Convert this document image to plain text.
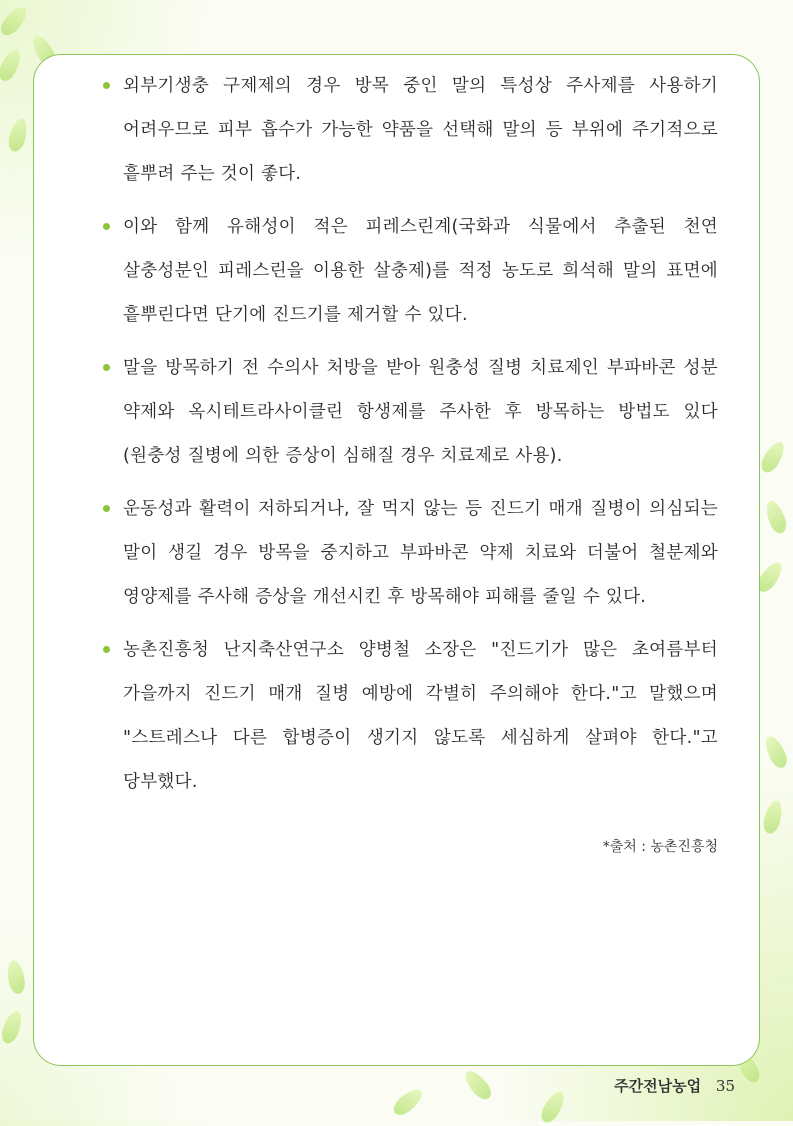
외부기생충 구제제의 경우 방목 중인 말의 특성상 주사제를 사용하기 어려우므로 피부 흡수가 가능한 약품을 선택해 말의 등 부위에 주기적으로 흩뿌려 주는 것이 좋다.
이와 함께 유해성이 적은 피레스린계(국화과 식물에서 추출된 천연 살충성분인 피레스린을 이용한 살충제)를 적정 농도로 희석해 말의 표면에 흩뿌린다면 단기에 진드기를 제거할 수 있다.
말을 방목하기 전 수의사 처방을 받아 원충성 질병 치료제인 부파바콘 성분 약제와 옥시테트라사이클린 항생제를 주사한 후 방목하는 방법도 있다(원충성 질병에 의한 증상이 심해질 경우 치료제로 사용).
운동성과 활력이 저하되거나, 잘 먹지 않는 등 진드기 매개 질병이 의심되는 말이 생길 경우 방목을 중지하고 부파바콘 약제 치료와 더불어 철분제와 영양제를 주사해 증상을 개선시킨 후 방목해야 피해를 줄일 수 있다.
농촌진흥청 난지축산연구소 양병철 소장은 "진드기가 많은 초여름부터 가을까지 진드기 매개 질병 예방에 각별히 주의해야 한다."고 말했으며 "스트레스나 다른 합병증이 생기지 않도록 세심하게 살펴야 한다."고 당부했다.
*출처 : 농촌진흥청
주간전남농업 35
